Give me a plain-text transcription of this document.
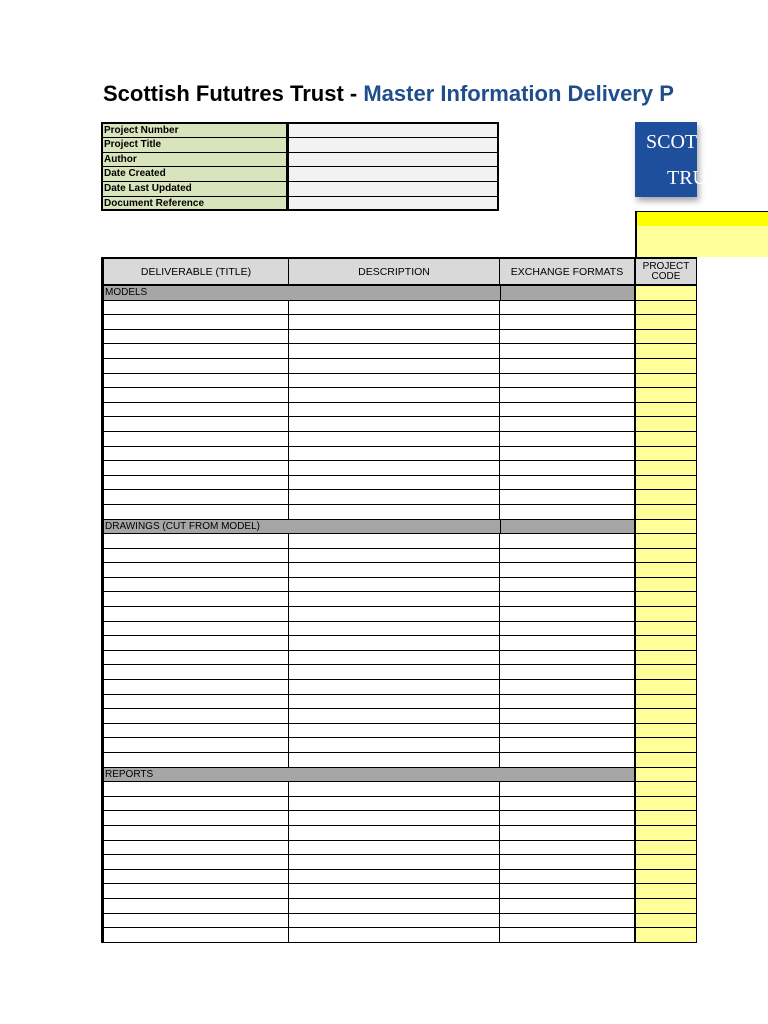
Scottish Fututres Trust - Master Information Delivery P
Project Number
Project Title
Author
Date Created
Date Last Updated
Document Reference
SCOT
TRU
DELIVERABLE (TITLE)	DESCRIPTION	EXCHANGE FORMATS	PROJECT CODE
MODELS
DRAWINGS (CUT FROM MODEL)
REPORTS
